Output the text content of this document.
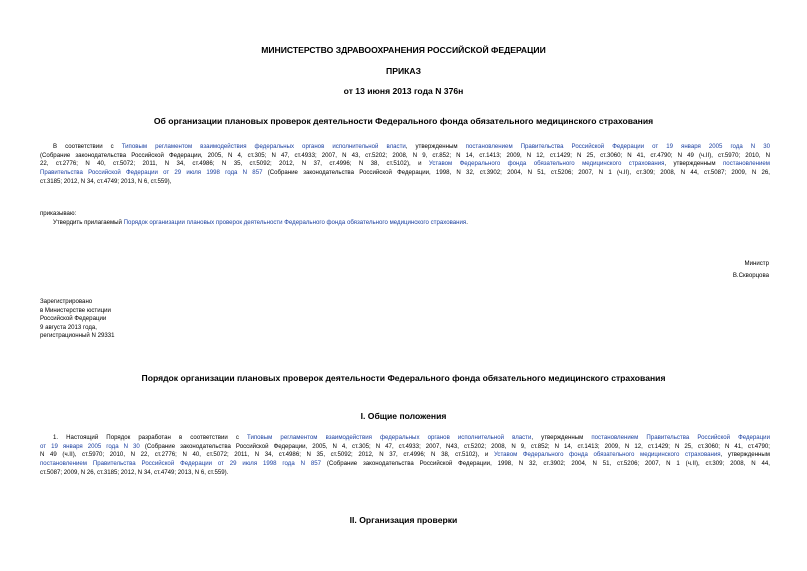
МИНИСТЕРСТВО ЗДРАВООХРАНЕНИЯ РОССИЙСКОЙ ФЕДЕРАЦИИ
ПРИКАЗ
от 13 июня 2013 года N 376н
Об организации плановых проверок деятельности Федерального фонда обязательного медицинского страхования
В соответствии с Типовым регламентом взаимодействия федеральных органов исполнительной власти, утвержденным постановлением Правительства Российской Федерации от 19 января 2005 года N 30
(Собрание законодательства Российской Федерации, 2005, N 4, ст.305; N 47, ст.4933; 2007, N 43, ст.5202; 2008, N 9, ст.852; N 14, ст.1413; 2009, N 12, ст.1429; N 25, ст.3060; N 41, ст.4790; N 49 (ч.II), ст.5970; 2010, N
22, ст.2776; N 40, ст.5072; 2011, N 34, ст.4986; N 35, ст.5092; 2012, N 37, ст.4996; N 38, ст.5102), и Уставом Федерального фонда обязательного медицинского страхования, утвержденным постановлением
Правительства Российской Федерации от 29 июля 1998 года N 857 (Собрание законодательства Российской Федерации, 1998, N 32, ст.3902; 2004, N 51, ст.5206; 2007, N 1 (ч.II), ст.309; 2008, N 44, ст.5087; 2009, N 26,
ст.3185; 2012, N 34, ст.4749; 2013, N 6, ст.559),
приказываю:
Утвердить прилагаемый Порядок организации плановых проверок деятельности Федерального фонда обязательного медицинского страхования.
Министр
В.Скворцова
Зарегистрировано
в Министерстве юстиции
Российской Федерации
9 августа 2013 года,
регистрационный N 29331
Порядок организации плановых проверок деятельности Федерального фонда обязательного медицинского страхования
I. Общие положения
1. Настоящий Порядок разработан в соответствии с Типовым регламентом взаимодействия федеральных органов исполнительной власти, утвержденным постановлением Правительства Российской Федерации
от 19 января 2005 года N 30 (Собрание законодательства Российской Федерации, 2005, N 4, ст.305; N 47, ст.4933; 2007, N43, ст.5202; 2008, N 9, ст.852; N 14, ст.1413; 2009, N 12, ст.1429; N 25, ст.3060; N 41, ст.4790;
N 49 (ч.II), ст.5970; 2010, N 22, ст.2776; N 40, ст.5072; 2011, N 34, ст.4986; N 35, ст.5092; 2012, N 37, ст.4996; N 38, ст.5102), и Уставом Федерального фонда обязательного медицинского страхования, утвержденным
постановлением Правительства Российской Федерации от 29 июля 1998 года N 857 (Собрание законодательства Российской Федерации, 1998, N 32, ст.3902; 2004, N 51, ст.5206; 2007, N 1 (ч.II), ст.309; 2008, N 44,
ст.5087; 2009, N 26, ст.3185; 2012, N 34, ст.4749; 2013, N 6, ст.559).
II. Организация проверки
